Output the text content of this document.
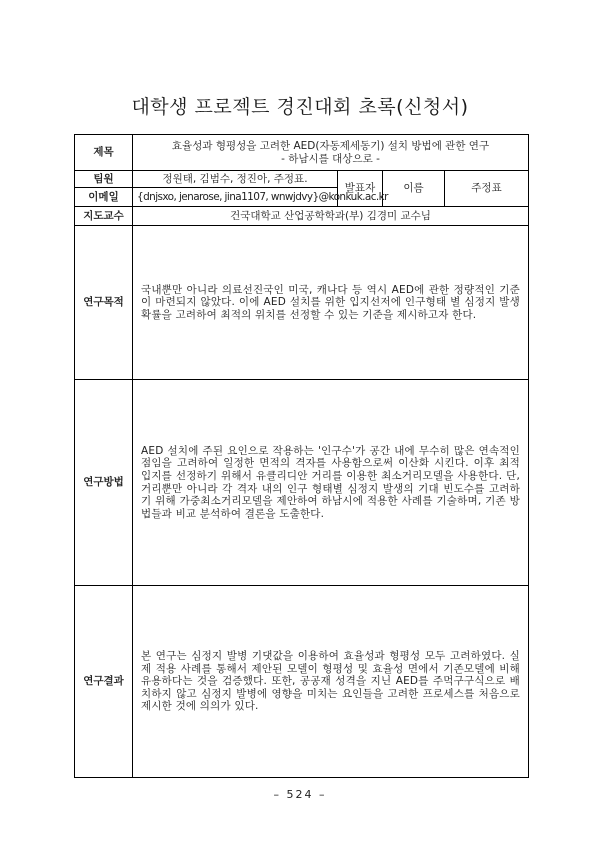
대학생 프로젝트 경진대회 초록(신청서)
제목	효율성과 형평성을 고려한 AED(자동제세동기) 설치 방법에 관한 연구
- 하남시를 대상으로 -			

팀원	정원태, 김범수, 정진아, 주정표.	발표자	이름	주정표
이메일	{dnjsxo, jenarose, jina1107, wnwjdvy}@konkuk.ac.kr			
지도교수	건국대학교 산업공학학과(부) 김경미 교수님			
연구목적	국내뿐만 아니라 의료선진국인 미국, 캐나다 등 역시 AED에 관한 정량적인 기준이 마련되지 않았다. 이에 AED 설치를 위한 입지선저에 인구형태 별 심정지 발생확률을 고려하여 최적의 위치를 선정할 수 있는 기준을 제시하고자 한다.			
연구방법	AED 설치에 주된 요인으로 작용하는 '인구수'가 공간 내에 무수히 많은 연속적인 점임을 고려하여 일정한 면적의 격자를 사용함으로써 이산화 시킨다. 이후 최적 입지를 선정하기 위해서 유클리디안 거리를 이용한 최소거리모델을 사용한다. 단, 거리뿐만 아니라 각 격자 내의 인구 형태별 심정지 발생의 기대 빈도수를 고려하기 위해 가중최소거리모델을 제안하여 하남시에 적용한 사례를 기술하며, 기존 방법들과 비교 분석하여 결론을 도출한다.			
연구결과	본 연구는 심정지 발병 기댓값을 이용하여 효율성과 형평성 모두 고려하였다. 실제 적용 사례를 통해서 제안된 모델이 형평성 및 효율성 면에서 기존모델에 비해 유용하다는 것을 검증했다. 또한, 공공재 성격을 지닌 AED를 주먹구구식으로 배치하지 않고 심정지 발병에 영향을 미치는 요인들을 고려한 프로세스를 처음으로 제시한 것에 의의가 있다.			
– 524 –
